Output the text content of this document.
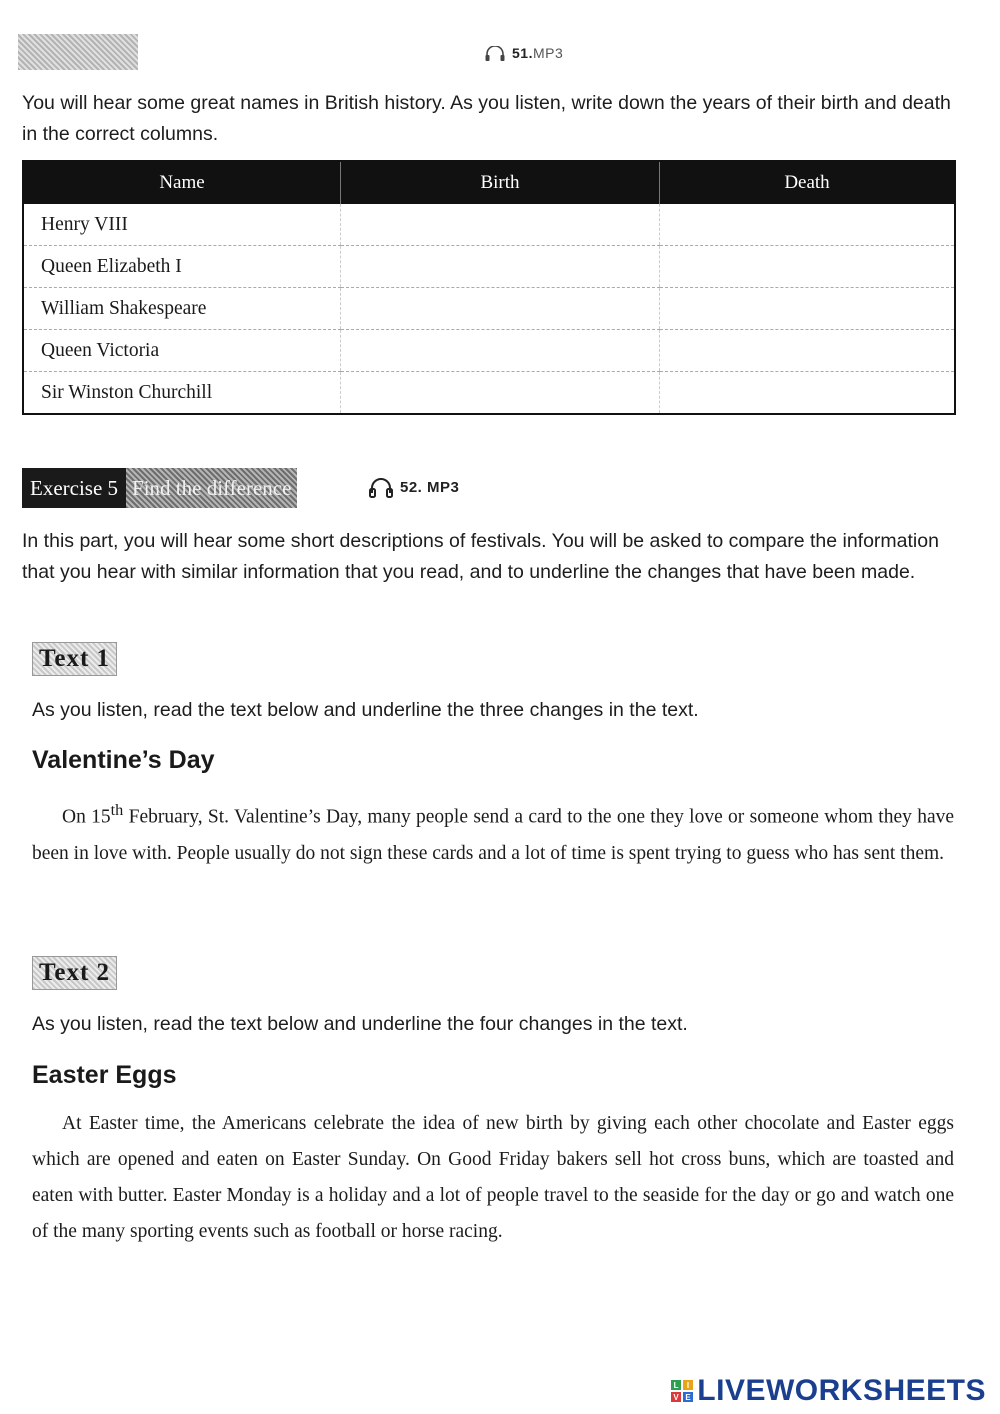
51.MP3
You will hear some great names in British history. As you listen, write down the years of their birth and death in the correct columns.
Name	Birth	Death
Henry VIII		
Queen Elizabeth I		
William Shakespeare		
Queen Victoria		
Sir Winston Churchill		
Exercise 5 Find the difference	52. MP3
In this part, you will hear some short descriptions of festivals. You will be asked to compare the information that you hear with similar information that you read, and to underline the changes that have been made.
Text 1
As you listen, read the text below and underline the three changes in the text.
Valentine’s Day
On 15th February, St. Valentine’s Day, many people send a card to the one they love or someone whom they have been in love with. People usually do not sign these cards and a lot of time is spent trying to guess who has sent them.
Text 2
As you listen, read the text below and underline the four changes in the text.
Easter Eggs
At Easter time, the Americans celebrate the idea of new birth by giving each other chocolate and Easter eggs which are opened and eaten on Easter Sunday. On Good Friday bakers sell hot cross buns, which are toasted and eaten with butter. Easter Monday is a holiday and a lot of people travel to the seaside for the day or go and watch one of the many sporting events such as football or horse racing.
L I
V E LIVEWORKSHEETS
